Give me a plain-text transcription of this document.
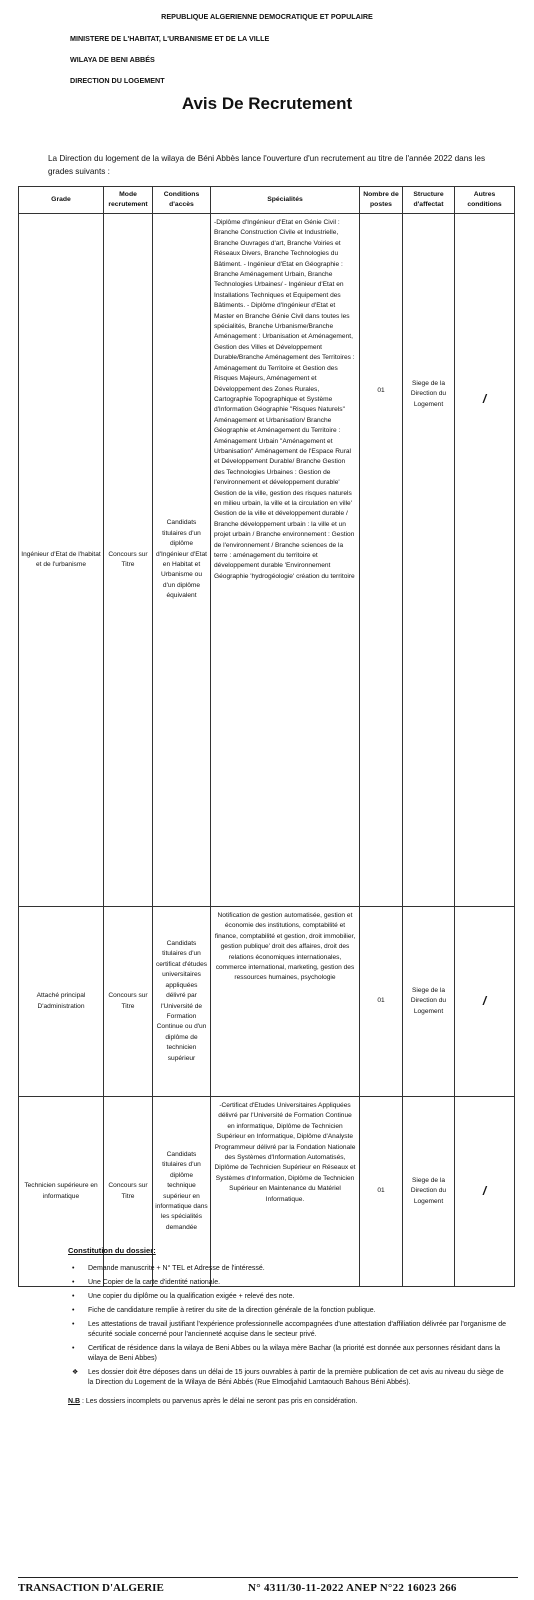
REPUBLIQUE ALGERIENNE DEMOCRATIQUE ET POPULAIRE
MINISTERE DE L'HABITAT, L'URBANISME ET DE LA VILLE
WILAYA DE BENI ABBÉS
DIRECTION DU LOGEMENT
Avis De Recrutement
La Direction du logement de la wilaya de Béni Abbès lance l'ouverture d'un recrutement au titre de l'année 2022 dans les grades suivants :
Grade	Mode recrutement	Conditions d'accès	Spécialités	Nombre de postes	Structure d'affectat	Autres conditions
Ingénieur d'Etat de l'habitat et de l'urbanisme	Concours sur Titre	Candidats titulaires d'un diplôme d'Ingénieur d'Etat en Habitat et Urbanisme ou d'un diplôme équivalent	-Diplôme d'Ingénieur d'Etat en Génie Civil : Branche Construction Civile et Industrielle, Branche Ouvrages d'art, Branche Voiries et Réseaux Divers, Branche Technologies du Bâtiment. - Ingénieur d'Etat en Géographie : Branche Aménagement Urbain, Branche Technologies Urbaines/ - Ingénieur d'Etat en Installations Techniques et Equipement des Bâtiments. - Diplôme d'Ingénieur d'Etat et Master en Branche Génie Civil dans toutes les spécialités, Branche Urbanisme/Branche Aménagement : Urbanisation et Aménagement, Gestion des Villes et Développement Durable/Branche Aménagement des Territoires : Aménagement du Territoire et Gestion des Risques Majeurs, Aménagement et Développement des Zones Rurales, Cartographie Topographique et Système d'Information Géographie "Risques Naturels" Aménagement et Urbanisation/ Branche Géographie et Aménagement du Territoire : Aménagement Urbain "Aménagement et Urbanisation" Aménagement de l'Espace Rural et Développement Durable/ Branche Gestion des Technologies Urbaines : Gestion de l'environnement et développement durable' Gestion de la ville, gestion des risques naturels en milieu urbain, la ville et la circulation en ville' Gestion de la ville et développement durable / Branche développement urbain : la ville et un projet urbain / Branche environnement : Gestion de l'environnement / Branche sciences de la terre : aménagement du territoire et développement durable 'Environnement Géographie 'hydrogéologie' création du territoire	01	Siege de la Direction du Logement	/
Attaché principal D'administration	Concours sur Titre	Candidats titulaires d'un certificat d'études universitaires appliquées délivré par l'Université de Formation Continue ou d'un diplôme de technicien supérieur	Notification de gestion automatisée, gestion et économie des institutions, comptabilité et finance, comptabilité et gestion, droit immobilier, gestion publique' droit des affaires, droit des relations économiques internationales, commerce international, marketing, gestion des ressources humaines, psychologie	01	Siege de la Direction du Logement	/
Technicien supérieure en informatique	Concours sur Titre	Candidats titulaires d'un diplôme technique supérieur en informatique dans les spécialités demandée	-Certificat d'Etudes Universitaires Appliquées délivré par l'Université de Formation Continue en informatique, Diplôme de Technicien Supérieur en Informatique, Diplôme d'Analyste Programmeur délivré par la Fondation Nationale des Systèmes d'Information Automatisés, Diplôme de Technicien Supérieur en Réseaux et Systèmes d'Information, Diplôme de Technicien Supérieur en Maintenance du Matériel Informatique.	01	Siege de la Direction du Logement	/
Constitution du dossier:
• Demande manuscrite + N° TEL et Adresse de l'intéressé.
• Une Copier de la carte d'identité nationale.
• Une copier du diplôme ou la qualification exigée + relevé des note.
• Fiche de candidature remplie à retirer du site de la direction générale de la fonction publique.
• Les attestations de travail justifiant l'expérience professionnelle accompagnées d'une attestation d'affiliation délivrée par l'organisme de sécurité sociale concerné pour l'ancienneté acquise dans le secteur privé.
• Certificat de résidence dans la wilaya de Beni Abbes ou la wilaya mère Bachar (la priorité est donnée aux personnes résidant dans la wilaya de Beni Abbes)
❖ Les dossier doit être déposes dans un délai de 15 jours ouvrables à partir de la première publication de cet avis au niveau du siège de la Direction du Logement de la Wilaya de Béni Abbés (Rue Elmodjahid Lamtaouch Bahous Béni Abbés).
N.B : Les dossiers incomplets ou parvenus après le délai ne seront pas pris en considération.
TRANSACTION D'ALGERIE	N° 4311/30-11-2022 ANEP N°22 16023 266
